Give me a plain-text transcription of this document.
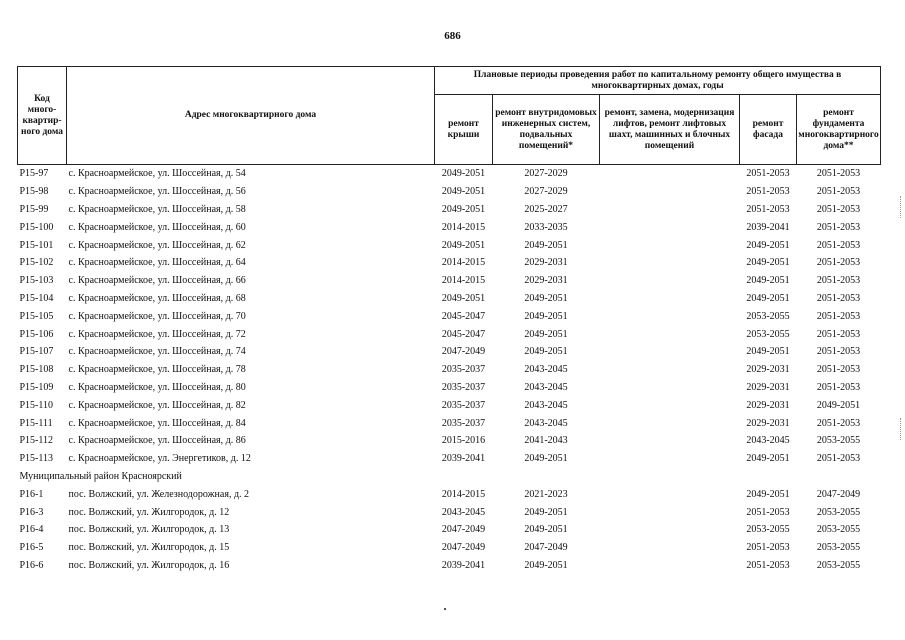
686
Код много-квартир-ного дома	Адрес многоквартирного дома	Плановые периоды проведения работ по капитальному ремонту общего имущества в многоквартирных домах, годы				
		ремонт крыши	ремонт внутридомовых инженерных систем, подвальных помещений*	ремонт, замена, модернизация лифтов, ремонт лифтовых шахт, машинных и блочных помещений	ремонт фасада	ремонт фундамента многоквартирного дома**
Р15-97	с. Красноармейское, ул. Шоссейная, д. 54	2049-2051	2027-2029		2051-2053	2051-2053
Р15-98	с. Красноармейское, ул. Шоссейная, д. 56	2049-2051	2027-2029		2051-2053	2051-2053
Р15-99	с. Красноармейское, ул. Шоссейная, д. 58	2049-2051	2025-2027		2051-2053	2051-2053
Р15-100	с. Красноармейское, ул. Шоссейная, д. 60	2014-2015	2033-2035		2039-2041	2051-2053
Р15-101	с. Красноармейское, ул. Шоссейная, д. 62	2049-2051	2049-2051		2049-2051	2051-2053
Р15-102	с. Красноармейское, ул. Шоссейная, д. 64	2014-2015	2029-2031		2049-2051	2051-2053
Р15-103	с. Красноармейское, ул. Шоссейная, д. 66	2014-2015	2029-2031		2049-2051	2051-2053
Р15-104	с. Красноармейское, ул. Шоссейная, д. 68	2049-2051	2049-2051		2049-2051	2051-2053
Р15-105	с. Красноармейское, ул. Шоссейная, д. 70	2045-2047	2049-2051		2053-2055	2051-2053
Р15-106	с. Красноармейское, ул. Шоссейная, д. 72	2045-2047	2049-2051		2053-2055	2051-2053
Р15-107	с. Красноармейское, ул. Шоссейная, д. 74	2047-2049	2049-2051		2049-2051	2051-2053
Р15-108	с. Красноармейское, ул. Шоссейная, д. 78	2035-2037	2043-2045		2029-2031	2051-2053
Р15-109	с. Красноармейское, ул. Шоссейная, д. 80	2035-2037	2043-2045		2029-2031	2051-2053
Р15-110	с. Красноармейское, ул. Шоссейная, д. 82	2035-2037	2043-2045		2029-2031	2049-2051
Р15-111	с. Красноармейское, ул. Шоссейная, д. 84	2035-2037	2043-2045		2029-2031	2051-2053
Р15-112	с. Красноармейское, ул. Шоссейная, д. 86	2015-2016	2041-2043		2043-2045	2053-2055
Р15-113	с. Красноармейское, ул. Энергетиков, д. 12	2039-2041	2049-2051		2049-2051	2051-2053
Муниципальный район Красноярский						
Р16-1	пос. Волжский, ул. Железнодорожная, д. 2	2014-2015	2021-2023		2049-2051	2047-2049
Р16-3	пос. Волжский, ул. Жилгородок, д. 12	2043-2045	2049-2051		2051-2053	2053-2055
Р16-4	пос. Волжский, ул. Жилгородок, д. 13	2047-2049	2049-2051		2053-2055	2053-2055
Р16-5	пос. Волжский, ул. Жилгородок, д. 15	2047-2049	2047-2049		2051-2053	2053-2055
Р16-6	пос. Волжский, ул. Жилгородок, д. 16	2039-2041	2049-2051		2051-2053	2053-2055
